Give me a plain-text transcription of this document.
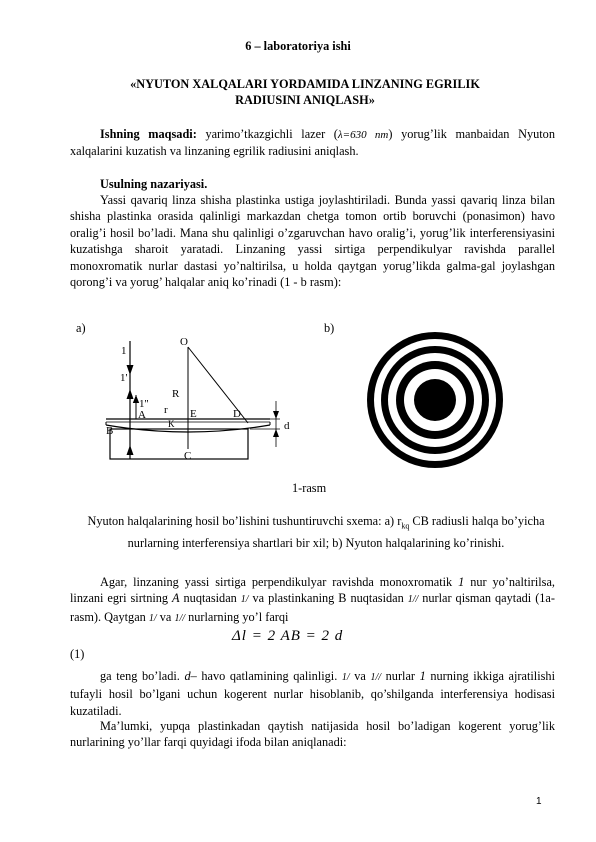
6 – laboratoriya ishi
«NYUTON XALQALARI YORDAMIDA LINZANING EGRILIK
RADIUSINI ANIQLASH»
Ishning maqsadi: yarimo’tkazgichli lazer (λ=630 nm) yorug’lik manbaidan Nyuton xalqalarini kuzatish va linzaning egrilik radiusini aniqlash.
Usulning nazariyasi.
Yassi qavariq linza shisha plastinka ustiga joylashtiriladi. Bunda yassi qavariq linza bilan shisha plastinka orasida qalinligi markazdan chetga tomon ortib boruvchi (ponasimon) havo oralig’i hosil bo’ladi. Mana shu qalinligi o’zgaruvchan havo oralig’i, yorug’lik interferensiyasini kuzatishga sharoit yaratadi. Linzaning yassi sirtiga perpendikulyar ravishda parallel monoxromatik nurlar dastasi yo’naltirilsa, u holda qaytgan yorug’likda galma-gal joylashgan qorong’i va yorug’ halqalar aniq ko’rinadi (1 - b rasm):
a)	b)
1
1'
1''
O
R
r
K
E	D
A
B
C
d
1-rasm
Nyuton halqalarining hosil bo’lishini tushuntiruvchi sxema: a) $r_{kq}$ CB radiusli halqa bo’yicha nurlarning interferensiya shartlari bir xil; b) Nyuton halqalarining ko’rinishi.
Agar, linzaning yassi sirtiga perpendikulyar ravishda monoxromatik 1 nur yo’naltirilsa, linzani egri sirtning A nuqtasidan 1/ va plastinkaning B nuqtasidan 1// nurlar qisman qaytadi (1a-rasm). Qaytgan 1/ va 1// nurlarning yo’l farqi
Δl = 2 AB = 2 d
(1)
ga teng bo’ladi. d– havo qatlamining qalinligi. 1/ va 1// nurlar 1 nurning ikkiga ajratilishi tufayli hosil bo’lgani uchun kogerent nurlar hisoblanib, qo’shilganda interferensiya hodisasi kuzatiladi.
Ma’lumki, yupqa plastinkadan qaytish natijasida hosil bo’ladigan kogerent yorug’lik nurlarining yo’llar farqi quyidagi ifoda bilan aniqlanadi:
1
